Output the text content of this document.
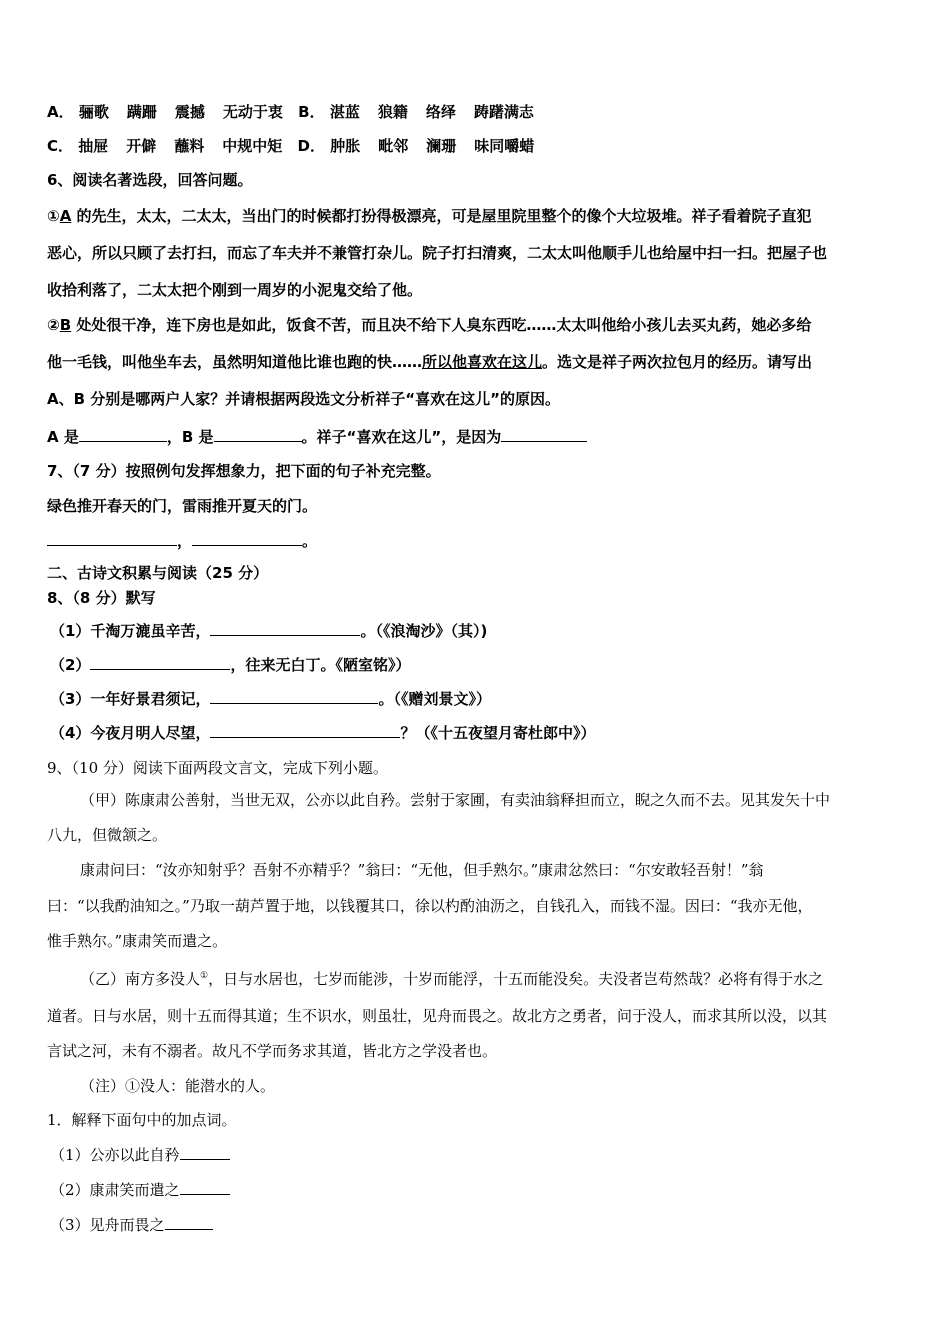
A． 骊歌 蹒跚 震撼 无动于衷 B． 湛蓝 狼籍 络绎 踌躇满志
C． 抽屉 开僻 蘸料 中规中矩 D． 肿胀 毗邻 澜珊 味同嚼蜡
6、阅读名著选段，回答问题。
①A 的先生，太太，二太太，当出门的时候都打扮得极漂亮，可是屋里院里整个的像个大垃圾堆。祥子看着院子直犯
恶心，所以只顾了去打扫，而忘了车夫并不兼管打杂儿。院子打扫清爽，二太太叫他顺手儿也给屋中扫一扫。把屋子也
收拾利落了，二太太把个刚到一周岁的小泥鬼交给了他。
②B 处处很干净，连下房也是如此，饭食不苦，而且决不给下人臭东西吃……太太叫他给小孩儿去买丸药，她必多给
他一毛钱，叫他坐车去，虽然明知道他比谁也跑的快……所以他喜欢在这儿。选文是祥子两次拉包月的经历。请写出
A、B 分别是哪两户人家？并请根据两段选文分析祥子“喜欢在这儿”的原因。
A 是	，B 是	。祥子“喜欢在这儿”，是因为
7、（7 分）按照例句发挥想象力，把下面的句子补充完整。
绿色推开春天的门，雷雨推开夏天的门。
，	。
二、古诗文积累与阅读（25 分）
8、（8 分）默写
（1）千淘万漉虽辛苦，	。（《浪淘沙》（其）)
（2）	，往来无白丁。《陋室铭》）
（3）一年好景君须记，	。（《赠刘景文》）
（4）今夜月明人尽望，	？（《十五夜望月寄杜郎中》）
9、（10 分）阅读下面两段文言文，完成下列小题。
（甲）陈康肃公善射，当世无双，公亦以此自矜。尝射于家圃，有卖油翁释担而立，睨之久而不去。见其发矢十中
八九，但微颔之。
康肃问曰：“汝亦知射乎？吾射不亦精乎？”翁曰：“无他，但手熟尔。”康肃忿然曰：“尔安敢轻吾射！”翁
曰：“以我酌油知之。”乃取一葫芦置于地，以钱覆其口，徐以杓酌油沥之，自钱孔入，而钱不湿。因曰：“我亦无他，
惟手熟尔。”康肃笑而遣之。
（乙）南方多没人①，日与水居也，七岁而能涉，十岁而能浮，十五而能没矣。夫没者岂苟然哉？必将有得于水之
道者。日与水居，则十五而得其道；生不识水，则虽壮，见舟而畏之。故北方之勇者，问于没人，而求其所以没，以其
言试之河，未有不溺者。故凡不学而务求其道，皆北方之学没者也。
（注）①没人：能潜水的人。
1．解释下面句中的加点词。
（1）公亦以此自矜
（2）康肃笑而遣之
（3）见舟而畏之
